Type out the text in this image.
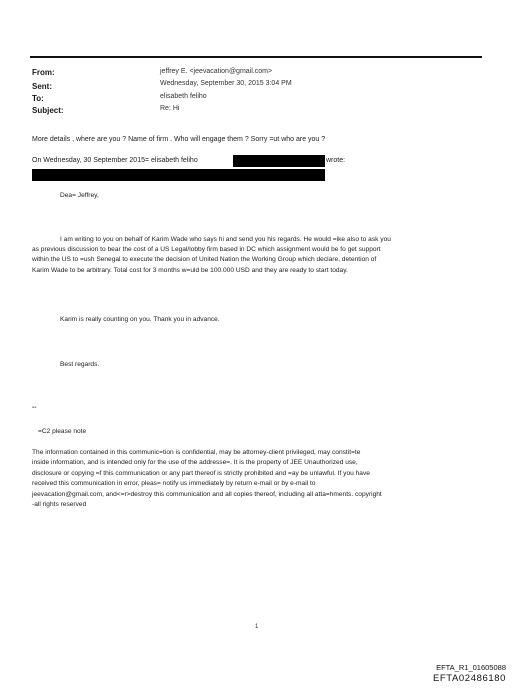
From:
Sent:
To:
Subject:
jeffrey E. <jeevacation@gmail.com>
Wednesday, September 30, 2015 3:04 PM
elisabeth feliho
Re: Hi
More details , where are you ? Name of firm . Who will engage them ? Sorry =ut who are you ?
On Wednesday, 30 September 2015= elisabeth feliho	wrote:
Dea= Jeffrey,
I am writing to you on behalf of Karim Wade who says hi and send you his regards. He would =ike also to ask you
as previous discussion to bear the cost of a US Legal/lobby firm based in DC which assignment would be fo get support
within the US to =ush Senegal to execute the decision of United Nation the Working Group which declare, detention of
Karim Wade to be arbitrary. Total cost for 3 months w=uld be 100.000 USD and they are ready to start today.
Karim is really counting on you. Thank you in advance.
Best regards.
--
=C2 please note
The information contained in this communic=tion is confidential, may be attorney-client privileged, may constit=te
inside information, and is intended only for the use of the addresse=. It is the property of JEE Unauthorized use,
disclosure or copying =f this communication or any part thereof is strictly prohibited and =ay be unlawful. If you have
received this communication in error, pleas= notify us immediately by return e-mail or by e-mail to
jeevacation@gmail.com, and<=r>destroy this communication and all copies thereof, including all atta=hments. copyright
-all rights reserved
1
EFTA_R1_01605088
EFTA02486180
